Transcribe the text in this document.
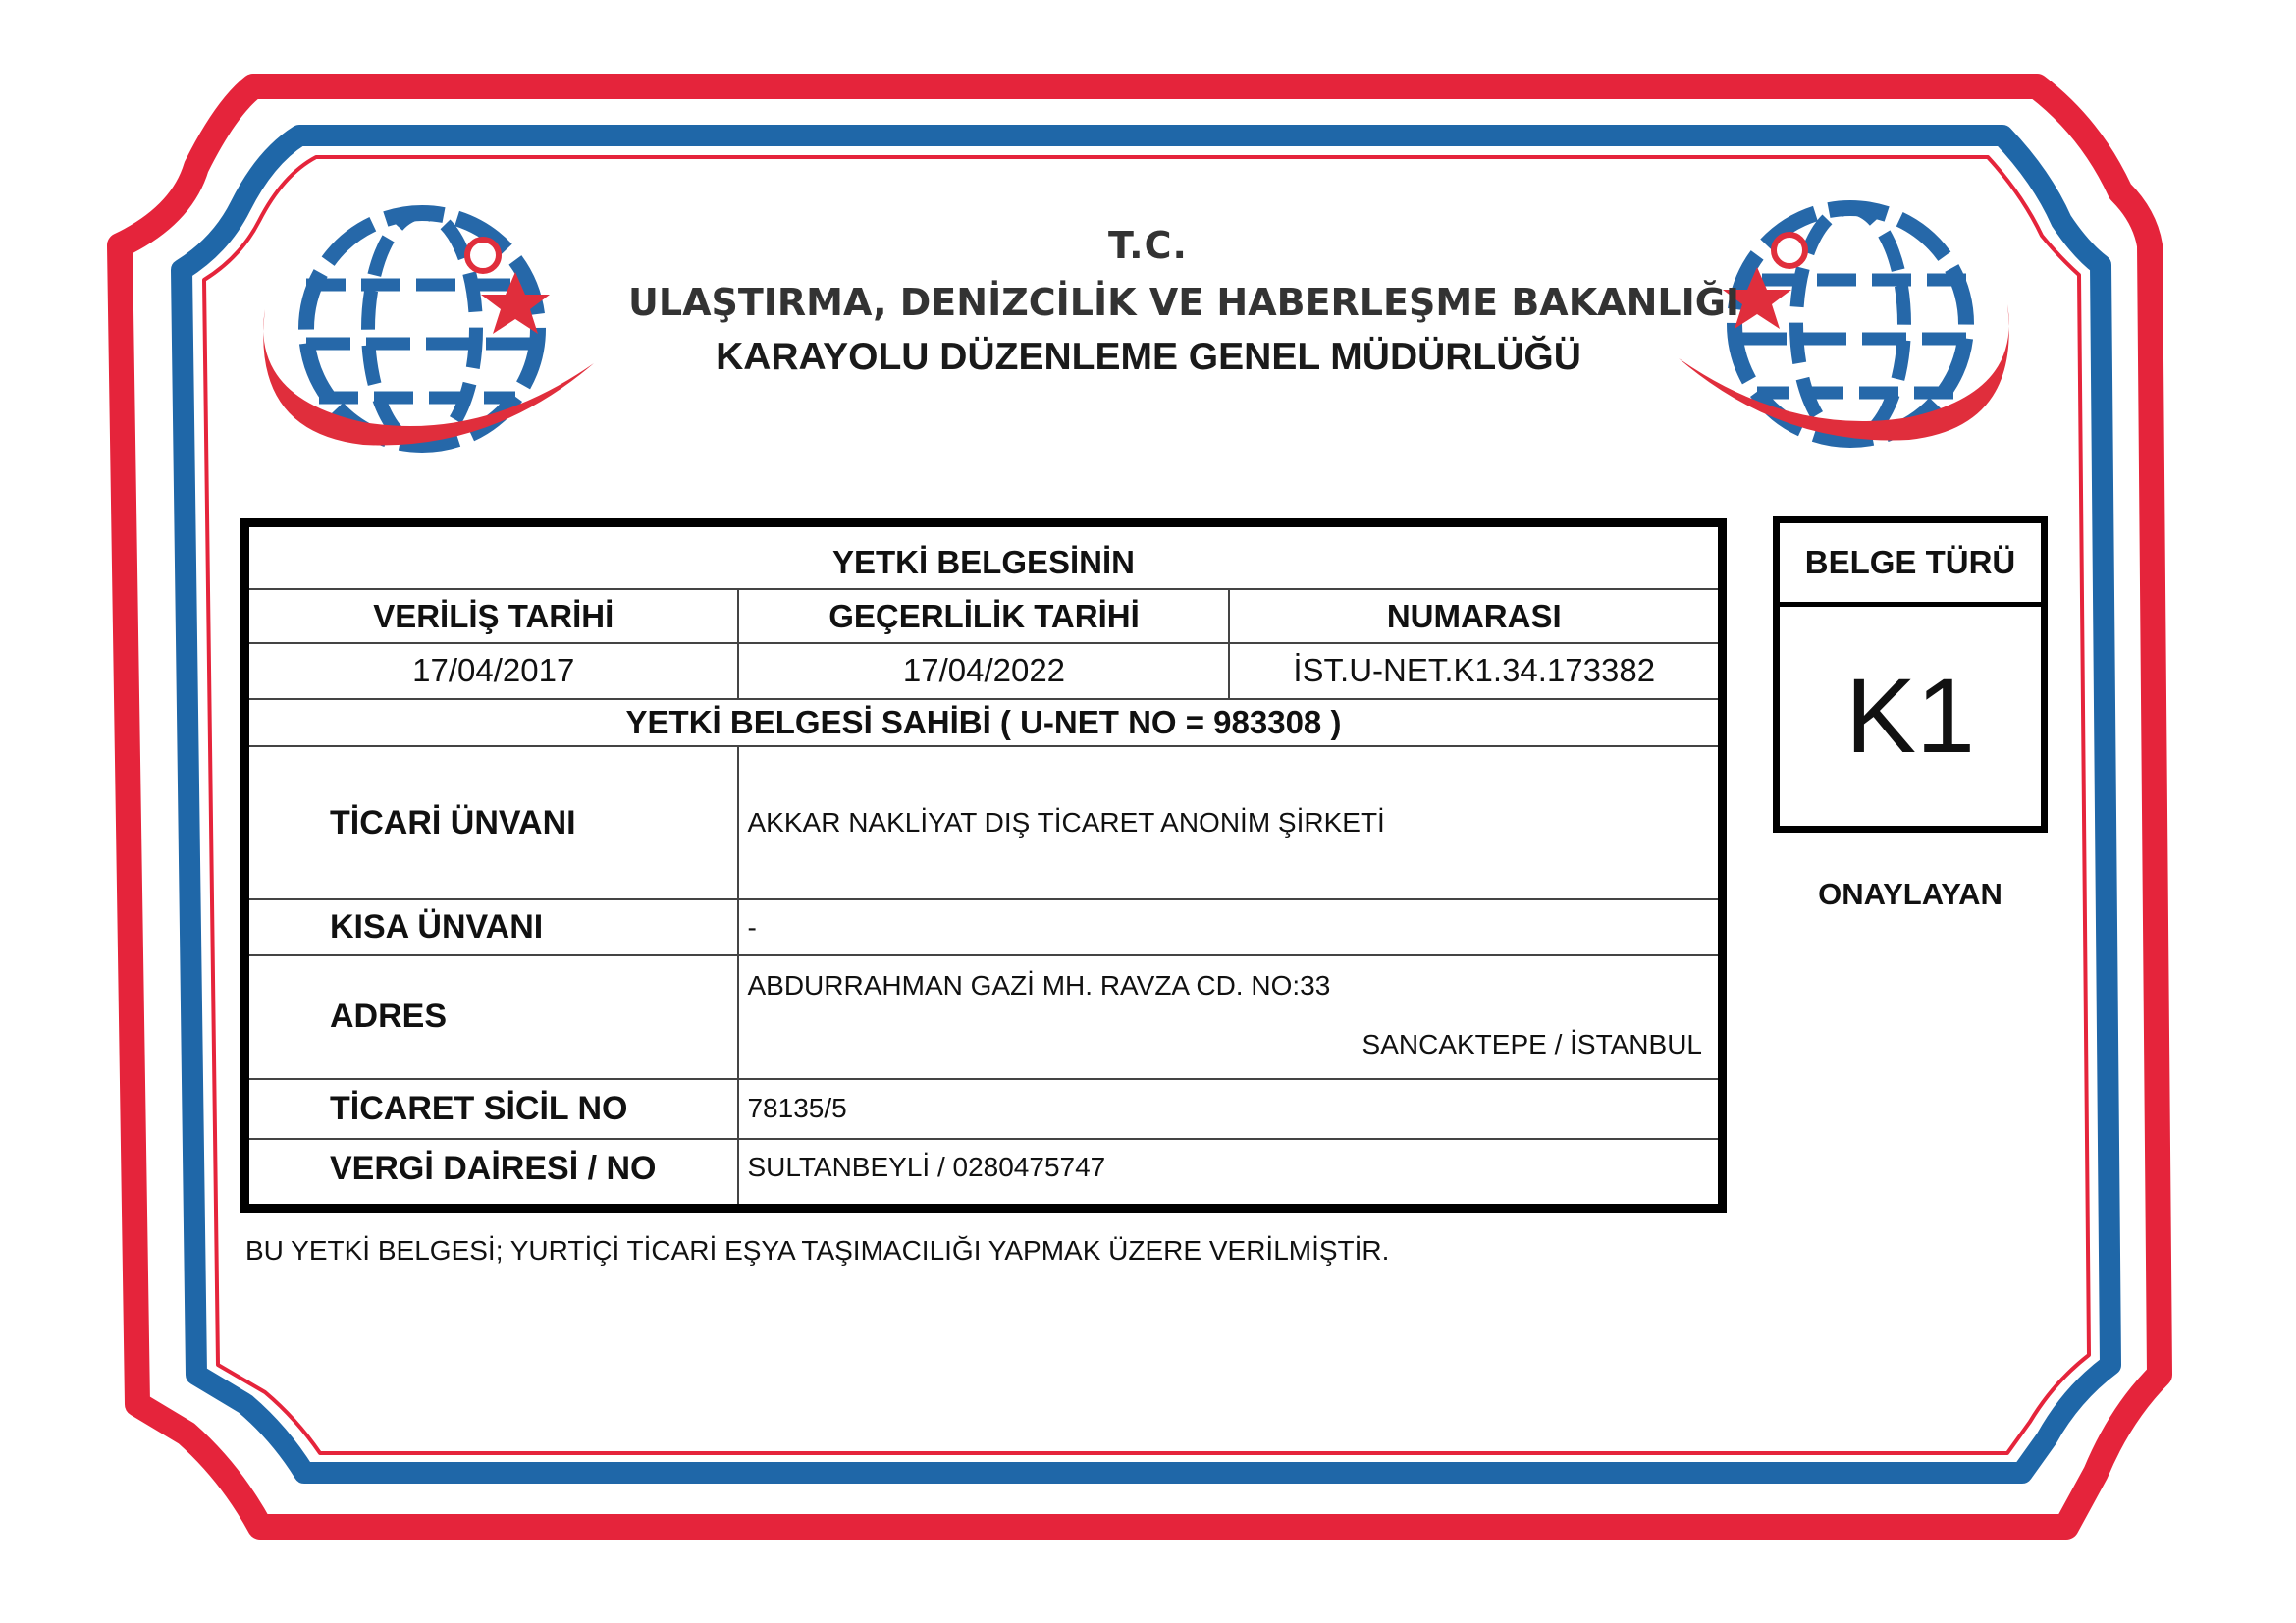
T.C.
ULAŞTIRMA, DENİZCİLİK VE HABERLEŞME BAKANLIĞI
KARAYOLU DÜZENLEME GENEL MÜDÜRLÜĞÜ
YETKİ BELGESİNİN		
VERİLİŞ TARİHİ	GEÇERLİLİK TARİHİ	NUMARASI
17/04/2017	17/04/2022	İST.U-NET.K1.34.173382
YETKİ BELGESİ SAHİBİ ( U-NET NO = 983308 )		
TİCARİ ÜNVANI	AKKAR NAKLİYAT DIŞ TİCARET ANONİM ŞİRKETİ	
KISA ÜNVANI	-	
ADRES	ABDURRAHMAN GAZİ MH. RAVZA CD. NO:33
SANCAKTEPE / İSTANBUL	

TİCARET SİCİL NO	78135/5	
VERGİ DAİRESİ / NO	SULTANBEYLİ / 0280475747	
BELGE TÜRÜ
K1
ONAYLAYAN
BU YETKİ BELGESİ; YURTİÇİ TİCARİ EŞYA TAŞIMACILIĞI YAPMAK ÜZERE VERİLMİŞTİR.
